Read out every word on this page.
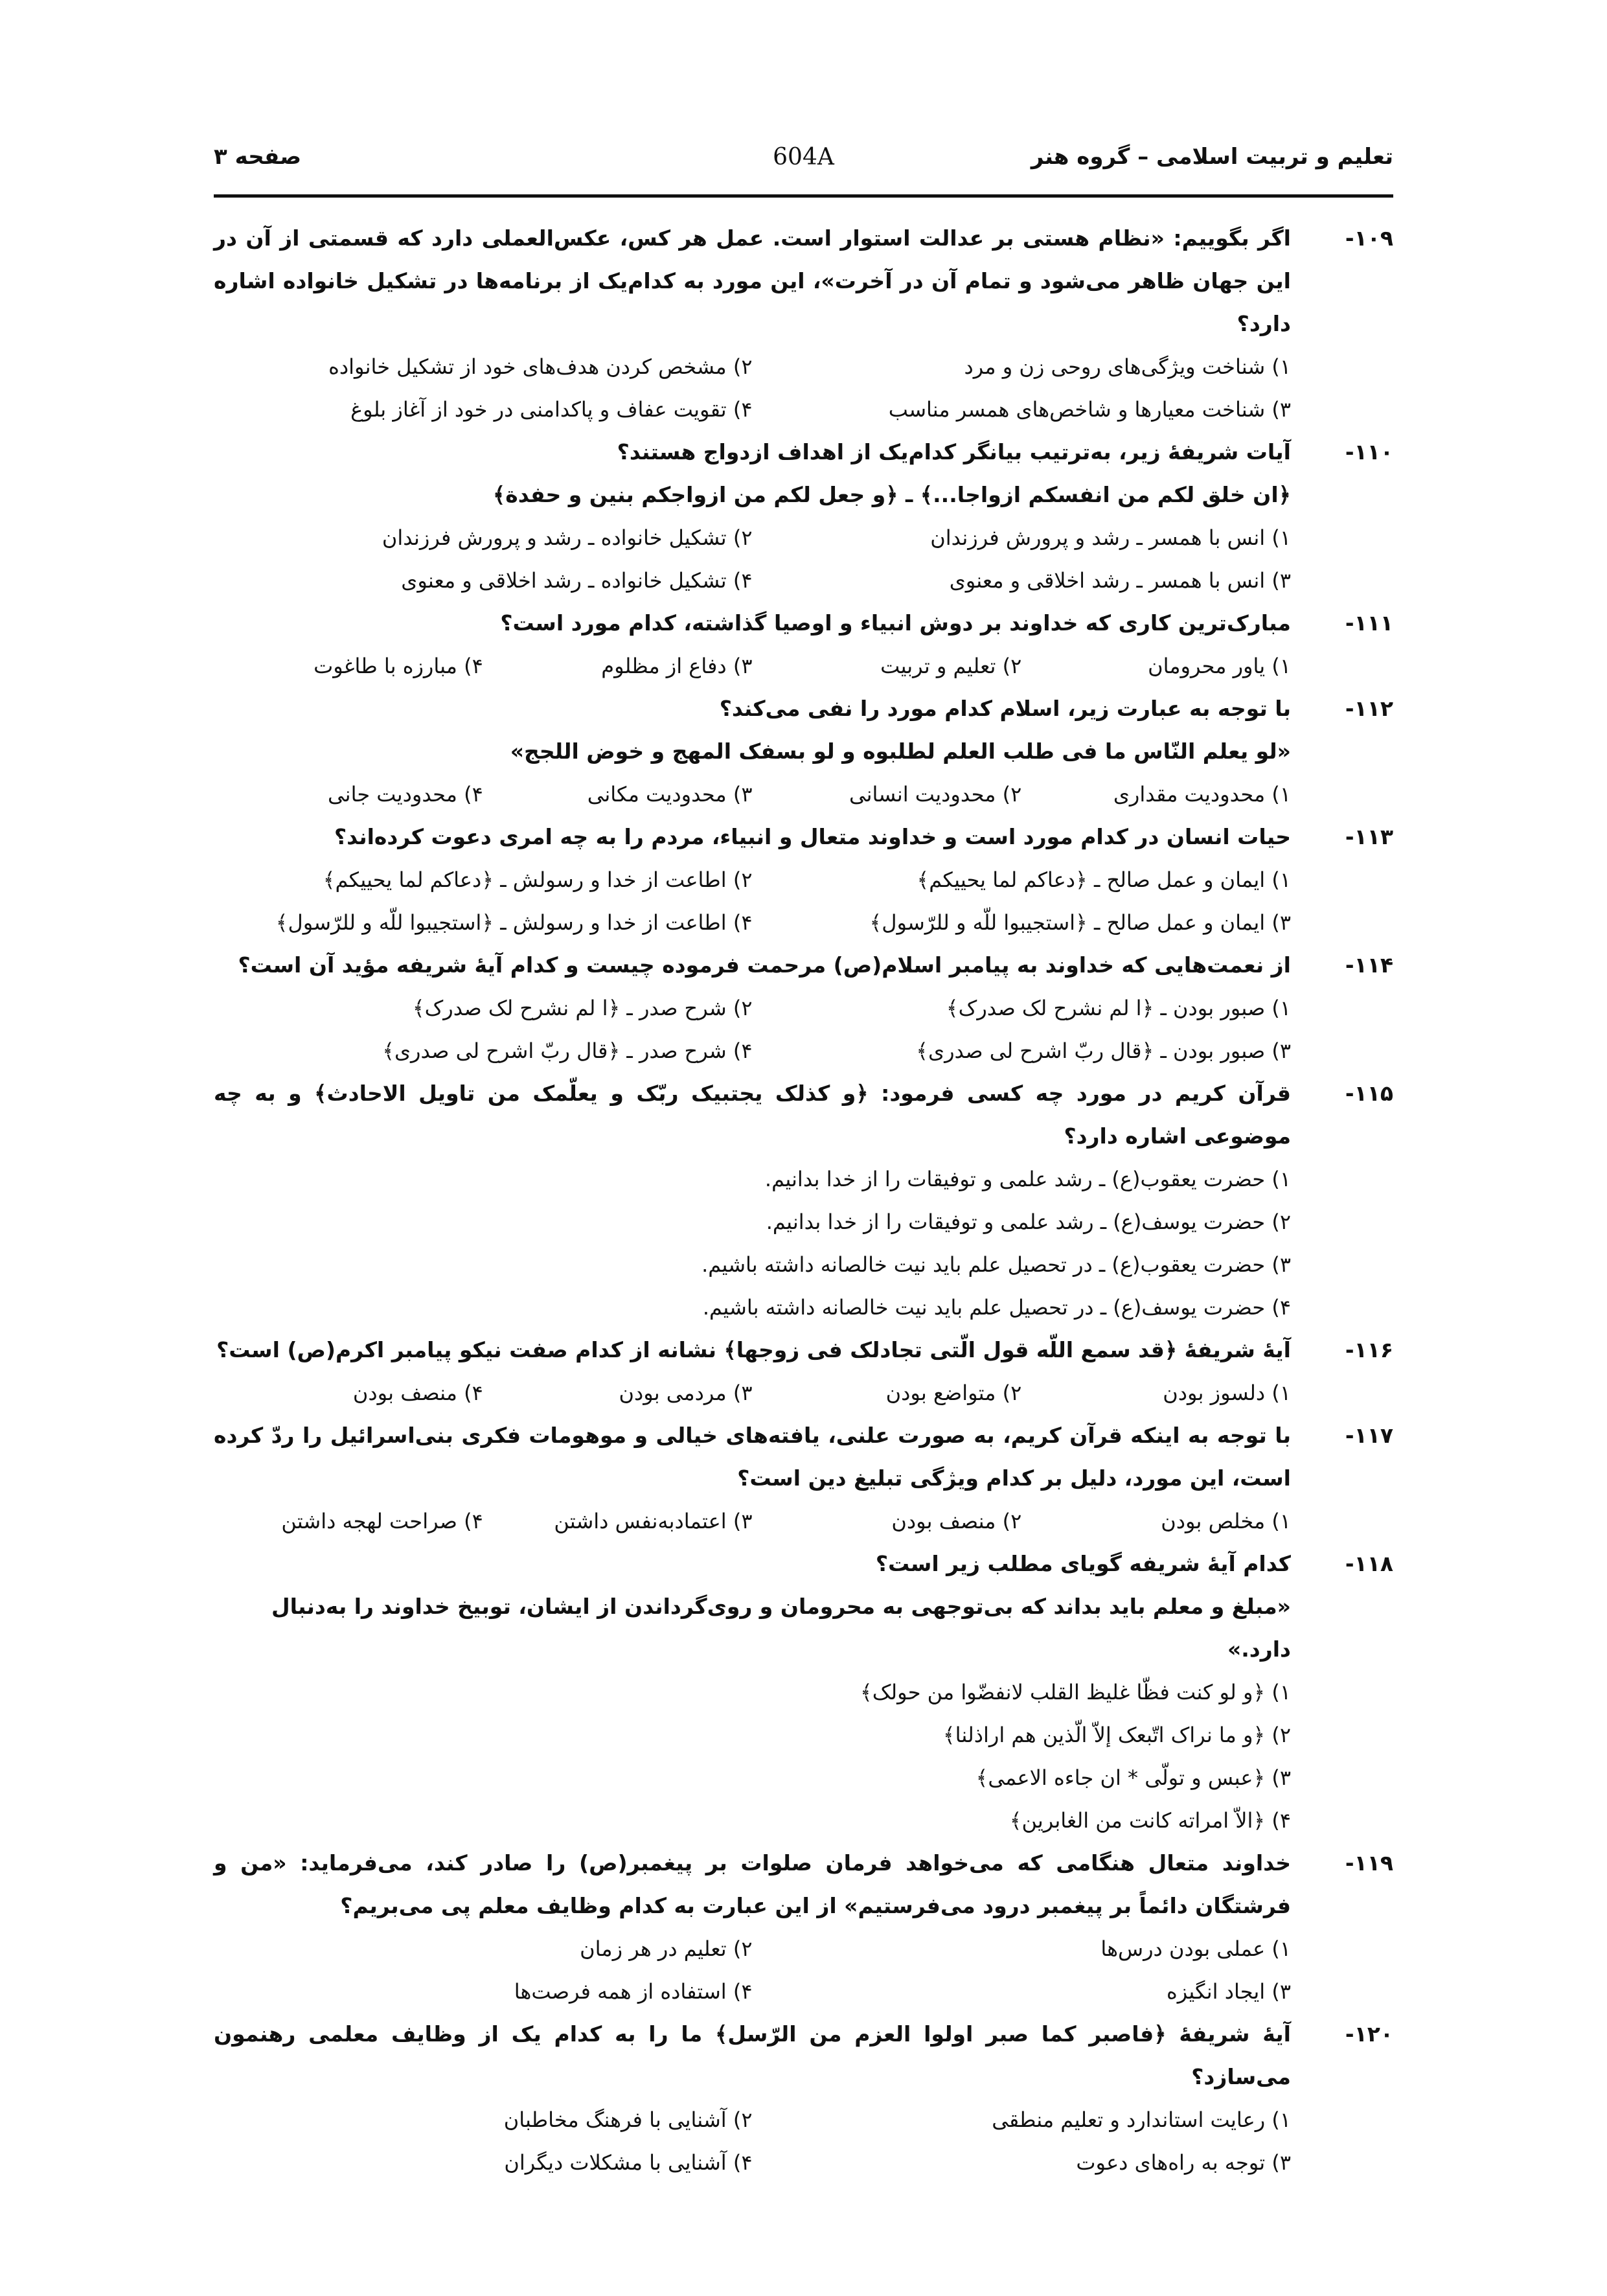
تعلیم و تربیت اسلامی – گروه هنر
604A
صفحه ۳
۱۰۹-
اگر بگوییم: «نظام هستی بر عدالت استوار است. عمل هر کس، عکس‌العملی دارد که قسمتی از آن در این جهان ظاهر می‌شود و تمام آن در آخرت»، این مورد به کدام‌یک از برنامه‌ها در تشکیل خانواده اشاره دارد؟
۱) شناخت ویژگی‌های روحی زن و مرد
۲) مشخص کردن هدف‌های خود از تشکیل خانواده
۳) شناخت معیارها و شاخص‌های همسر مناسب
۴) تقویت عفاف و پاکدامنی در خود از آغاز بلوغ
۱۱۰-
آیات شریفهٔ زیر، به‌ترتیب بیانگر کدام‌یک از اهداف ازدواج هستند؟
﴿ان خلق لکم من انفسکم ازواجا...﴾ ـ ﴿و جعل لکم من ازواجکم بنین و حفدة﴾
۱) انس با همسر ـ رشد و پرورش فرزندان
۲) تشکیل خانواده ـ رشد و پرورش فرزندان
۳) انس با همسر ـ رشد اخلاقی و معنوی
۴) تشکیل خانواده ـ رشد اخلاقی و معنوی
۱۱۱-
مبارک‌ترین کاری که خداوند بر دوش انبیاء و اوصیا گذاشته، کدام مورد است؟
۱) یاور محرومان
۲) تعلیم و تربیت
۳) دفاع از مظلوم
۴) مبارزه با طاغوت
۱۱۲-
با توجه به عبارت زیر، اسلام کدام مورد را نفی می‌کند؟
«لو یعلم النّاس ما فی طلب العلم لطلبوه و لو بسفک المهج و خوض اللجج»
۱) محدودیت مقداری
۲) محدودیت انسانی
۳) محدودیت مکانی
۴) محدودیت جانی
۱۱۳-
حیات انسان در کدام مورد است و خداوند متعال و انبیاء، مردم را به چه امری دعوت کرده‌اند؟
۱) ایمان و عمل صالح ـ ﴿دعاکم لما یحییکم﴾
۲) اطاعت از خدا و رسولش ـ ﴿دعاکم لما یحییکم﴾
۳) ایمان و عمل صالح ـ ﴿استجیبوا للّه و للرّسول﴾
۴) اطاعت از خدا و رسولش ـ ﴿استجیبوا للّه و للرّسول﴾
۱۱۴-
از نعمت‌هایی که خداوند به پیامبر اسلام(ص) مرحمت فرموده چیست و کدام آیهٔ شریفه مؤید آن است؟
۱) صبور بودن ـ ﴿ا لم نشرح لک صدرک﴾
۲) شرح صدر ـ ﴿ا لم نشرح لک صدرک﴾
۳) صبور بودن ـ ﴿قال ربّ اشرح لی صدری﴾
۴) شرح صدر ـ ﴿قال ربّ اشرح لی صدری﴾
۱۱۵-
قرآن کریم در مورد چه کسی فرمود: ﴿و کذلک یجتبیک ربّک و یعلّمک من تاویل الاحادث﴾ و به چه موضوعی اشاره دارد؟
۱) حضرت یعقوب(ع) ـ رشد علمی و توفیقات را از خدا بدانیم.
۲) حضرت یوسف(ع) ـ رشد علمی و توفیقات را از خدا بدانیم.
۳) حضرت یعقوب(ع) ـ در تحصیل علم باید نیت خالصانه داشته باشیم.
۴) حضرت یوسف(ع) ـ در تحصیل علم باید نیت خالصانه داشته باشیم.
۱۱۶-
آیهٔ شریفهٔ ﴿قد سمع اللّه قول الّتی تجادلک فی زوجها﴾ نشانه از کدام صفت نیکو پیامبر اکرم(ص) است؟
۱) دلسوز بودن
۲) متواضع بودن
۳) مردمی بودن
۴) منصف بودن
۱۱۷-
با توجه به اینکه قرآن کریم، به صورت علنی، یافته‌های خیالی و موهومات فکری بنی‌اسرائیل را ردّ کرده است، این مورد، دلیل بر کدام ویژگی تبلیغ دین است؟
۱) مخلص بودن
۲) منصف بودن
۳) اعتمادبه‌نفس داشتن
۴) صراحت لهجه داشتن
۱۱۸-
کدام آیهٔ شریفه گویای مطلب زیر است؟
«مبلغ و معلم باید بداند که بی‌توجهی به محرومان و روی‌گرداندن از ایشان، توبیخ خداوند را به‌دنبال دارد.»
۱) ﴿و لو کنت فظّا غلیظ القلب لانفضّوا من حولک﴾
۲) ﴿و ما نراک اتّبعک إلاّ الّذین هم اراذلنا﴾
۳) ﴿عبس و تولّی * ان جاءه الاعمی﴾
۴) ﴿الاّ امراته کانت من الغابرین﴾
۱۱۹-
خداوند متعال هنگامی که می‌خواهد فرمان صلوات بر پیغمبر(ص) را صادر کند، می‌فرماید: «من و فرشتگان دائماً بر پیغمبر درود می‌فرستیم» از این عبارت به کدام وظایف معلم پی می‌بریم؟
۱) عملی بودن درس‌ها
۲) تعلیم در هر زمان
۳) ایجاد انگیزه
۴) استفاده از همه فرصت‌ها
۱۲۰-
آیهٔ شریفهٔ ﴿فاصبر کما صبر اولوا العزم من الرّسل﴾ ما را به کدام یک از وظایف معلمی رهنمون می‌سازد؟
۱) رعایت استاندارد و تعلیم منطقی
۲) آشنایی با فرهنگ مخاطبان
۳) توجه به راه‌های دعوت
۴) آشنایی با مشکلات دیگران
